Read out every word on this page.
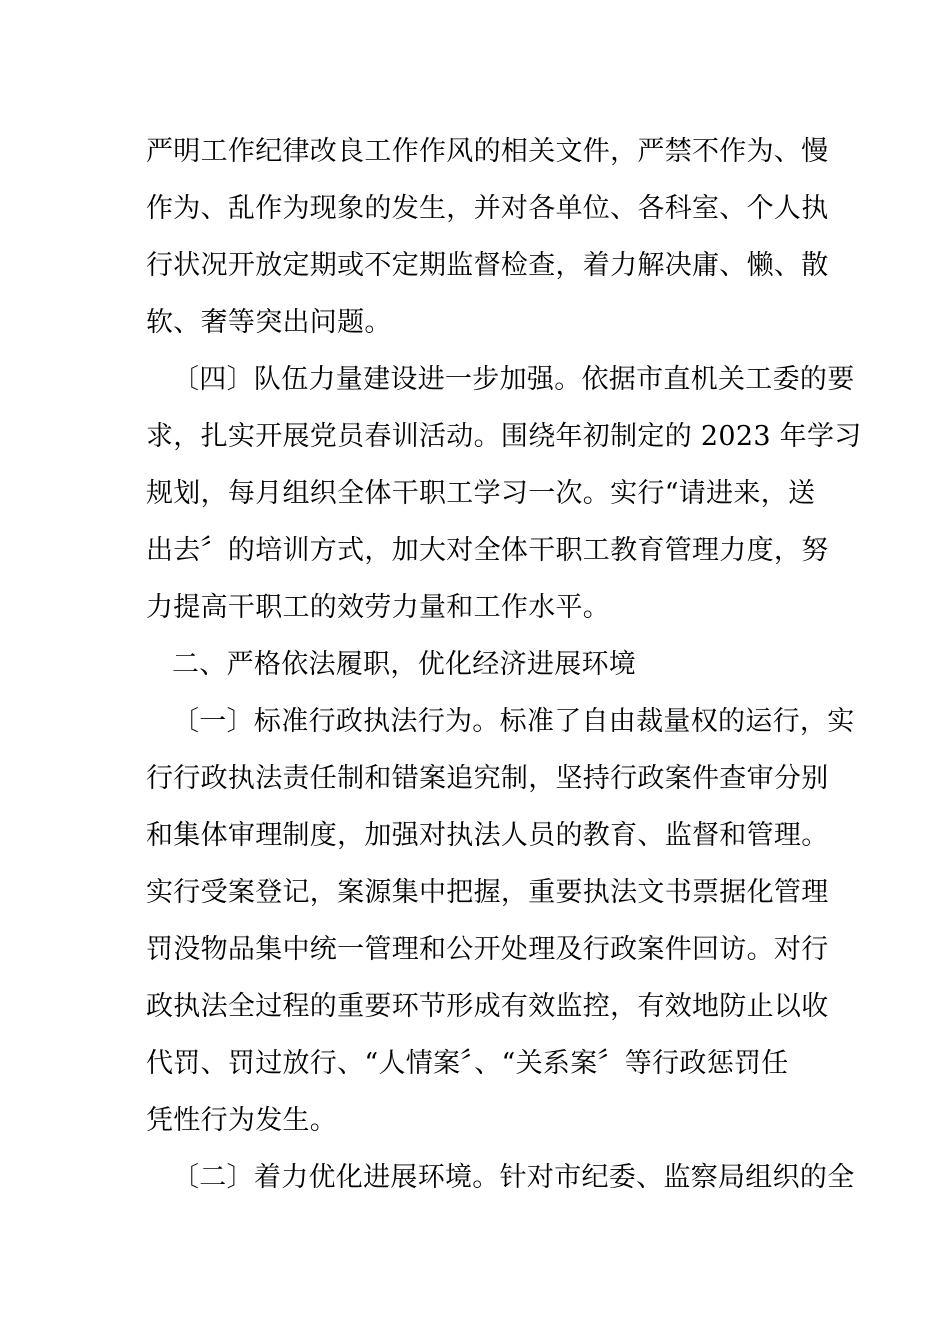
严明工作纪律改良工作作风的相关文件，严禁不作为、慢
作为、乱作为现象的发生，并对各单位、各科室、个人执
行状况开放定期或不定期监督检查，着力解决庸、懒、散
软、奢等突出问题。
〔四〕队伍力量建设进一步加强。依据市直机关工委的要
求，扎实开展党员春训活动。围绕年初制定的 2023 年学习
规划，每月组织全体干职工学习一次。实行“请进来，送
出去〞的培训方式，加大对全体干职工教育管理力度，努
力提高干职工的效劳力量和工作水平。
二、严格依法履职，优化经济进展环境
〔一〕标准行政执法行为。标准了自由裁量权的运行，实
行行政执法责任制和错案追究制，坚持行政案件查审分别
和集体审理制度，加强对执法人员的教育、监督和管理。
实行受案登记，案源集中把握，重要执法文书票据化管理
罚没物品集中统一管理和公开处理及行政案件回访。对行
政执法全过程的重要环节形成有效监控，有效地防止以收
代罚、罚过放行、“人情案〞、“关系案〞等行政惩罚任
凭性行为发生。
〔二〕着力优化进展环境。针对市纪委、监察局组织的全
